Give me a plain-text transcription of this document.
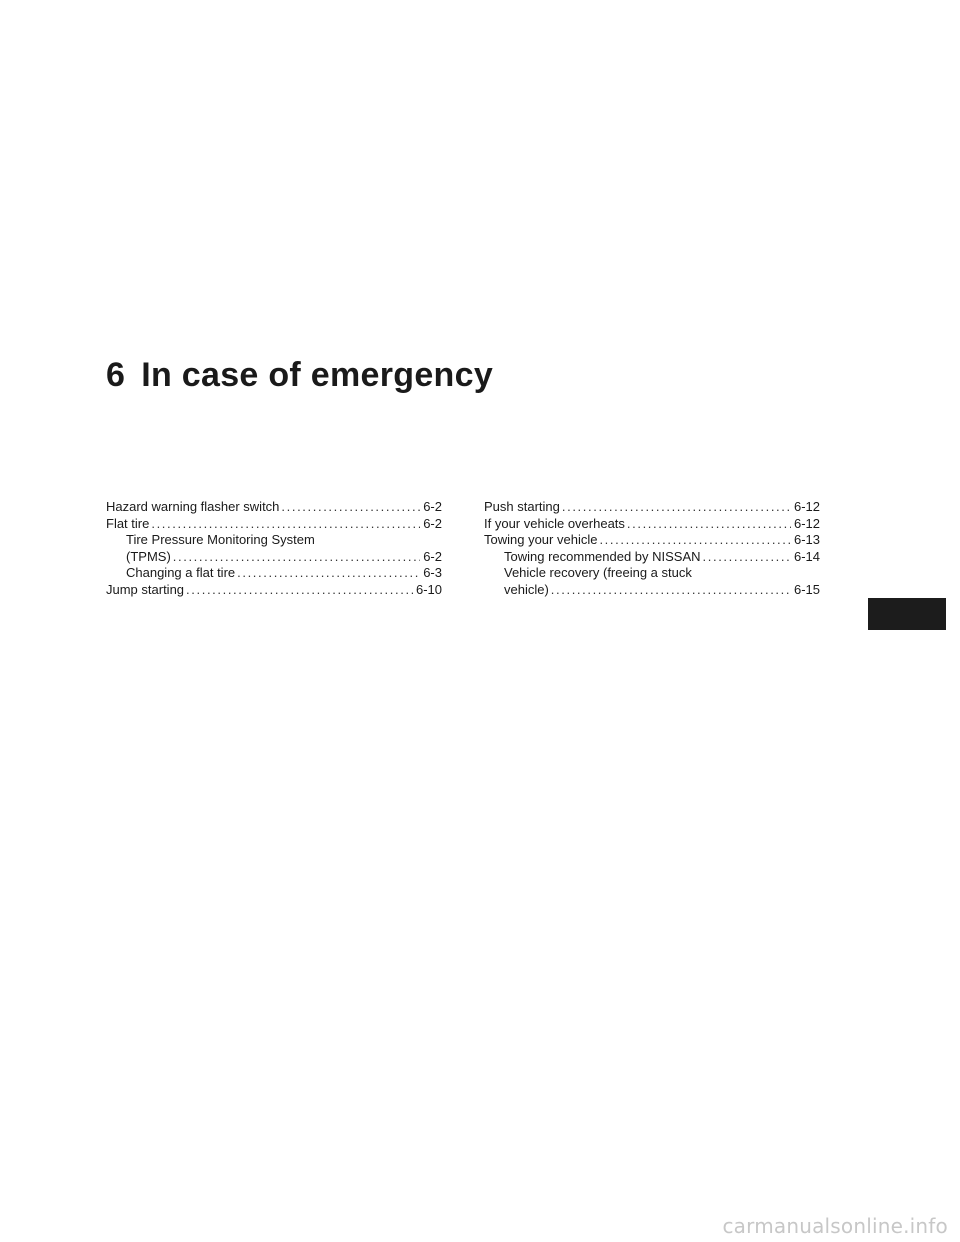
6 In case of emergency
Hazard warning flasher switch . . .	6-2
Flat tire . . .	6-2
Tire Pressure Monitoring System
(TPMS) . . .	6-2
Changing a flat tire . . .	6-3
Jump starting . . .	6-10
Push starting . . .	6-12
If your vehicle overheats . . .	6-12
Towing your vehicle . . .	6-13
Towing recommended by NISSAN . . .	6-14
Vehicle recovery (freeing a stuck
vehicle) . . .	6-15
carmanualsonline.info
